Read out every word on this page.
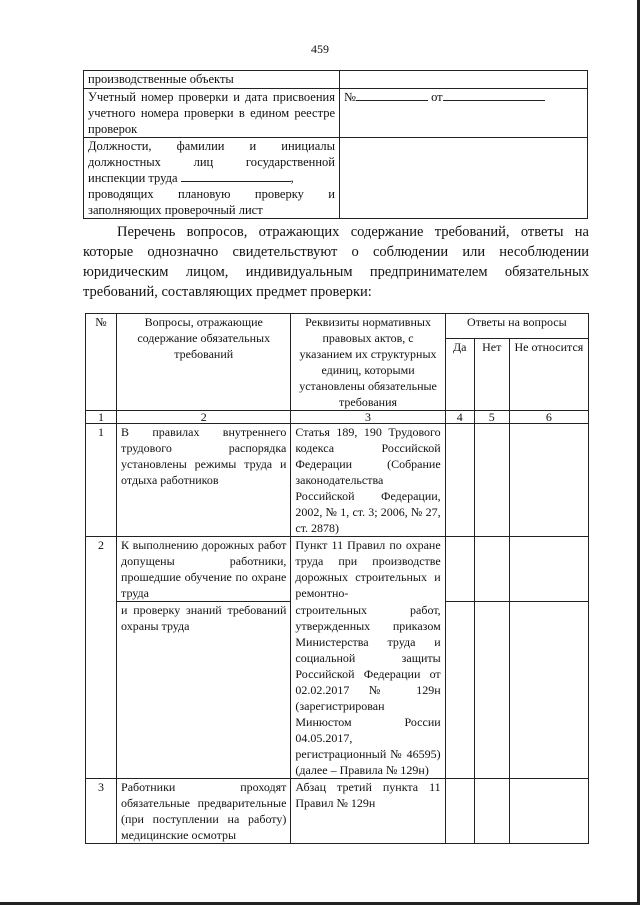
459
производственные объекты	
Учетный номер проверки и дата присвоения учетного номера проверки в едином реестре проверок	№ от

Должности, фамилии и инициалы должностных лиц государственной инспекции труда ,
проводящих плановую проверку и заполняющих проверочный лист	

Перечень вопросов, отражающих содержание требований, ответы на которые однозначно свидетельствуют о соблюдении или несоблюдении юридическим лицом, индивидуальным предпринимателем обязательных требований, составляющих предмет проверки:
№	Вопросы, отражающие содержание обязательных требований	Реквизиты нормативных правовых актов, с указанием их структурных единиц, которыми установлены обязательные требования	Ответы на вопросы		
			Да	Нет	Не относится
1	2	3	4	5	6
1	В правилах внутреннего трудового распорядка установлены режимы труда и отдыха работников	Статья 189, 190 Трудового кодекса Российской Федерации (Собрание законодательства Российской Федерации, 2002, № 1, ст. 3; 2006, № 27, ст. 2878)			
2	К выполнению дорожных работ допущены работники, прошедшие обучение по охране труда	Пункт 11 Правил по охране труда при производстве дорожных строительных и ремонтно-			
	и проверку знаний требований охраны труда	строительных работ, утвержденных приказом Министерства труда и социальной защиты Российской Федерации от 02.02.2017 № 129н (зарегистрирован Минюстом России 04.05.2017, регистрационный № 46595) (далее – Правила № 129н)			
3	Работники проходят обязательные предварительные (при поступлении на работу) медицинские осмотры	Абзац третий пункта 11 Правил № 129н			
